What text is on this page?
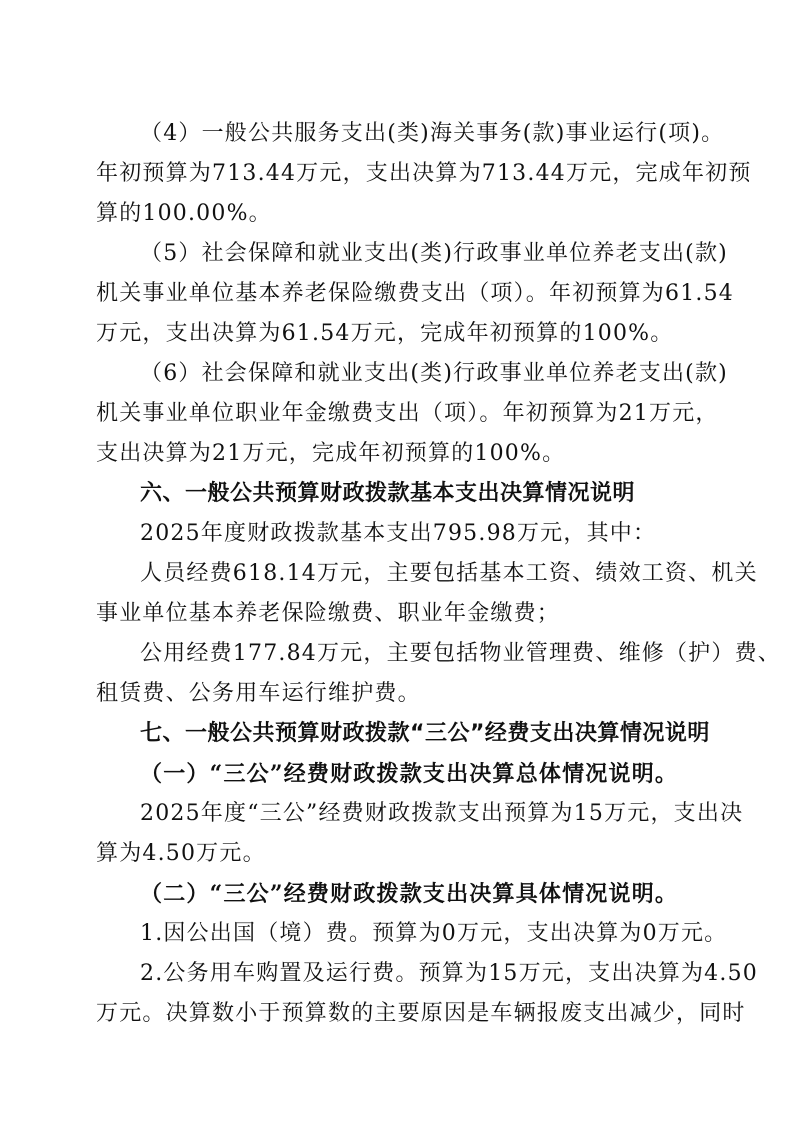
（4）一般公共服务支出(类)海关事务(款)事业运行(项)。
年初预算为713.44万元，支出决算为713.44万元，完成年初预
算的100.00%。
（5）社会保障和就业支出(类)行政事业单位养老支出(款)
机关事业单位基本养老保险缴费支出（项）。年初预算为61.54
万元，支出决算为61.54万元，完成年初预算的100%。
（6）社会保障和就业支出(类)行政事业单位养老支出(款)
机关事业单位职业年金缴费支出（项）。年初预算为21万元，
支出决算为21万元，完成年初预算的100%。
六、一般公共预算财政拨款基本支出决算情况说明
2025年度财政拨款基本支出795.98万元，其中：
人员经费618.14万元，主要包括基本工资、绩效工资、机关
事业单位基本养老保险缴费、职业年金缴费；
公用经费177.84万元，主要包括物业管理费、维修（护）费、
租赁费、公务用车运行维护费。
七、一般公共预算财政拨款“三公”经费支出决算情况说明
（一）“三公”经费财政拨款支出决算总体情况说明。
2025年度“三公”经费财政拨款支出预算为15万元，支出决
算为4.50万元。
（二）“三公”经费财政拨款支出决算具体情况说明。
1.因公出国（境）费。预算为0万元，支出决算为0万元。
2.公务用车购置及运行费。预算为15万元，支出决算为4.50
万元。决算数小于预算数的主要原因是车辆报废支出减少，同时
